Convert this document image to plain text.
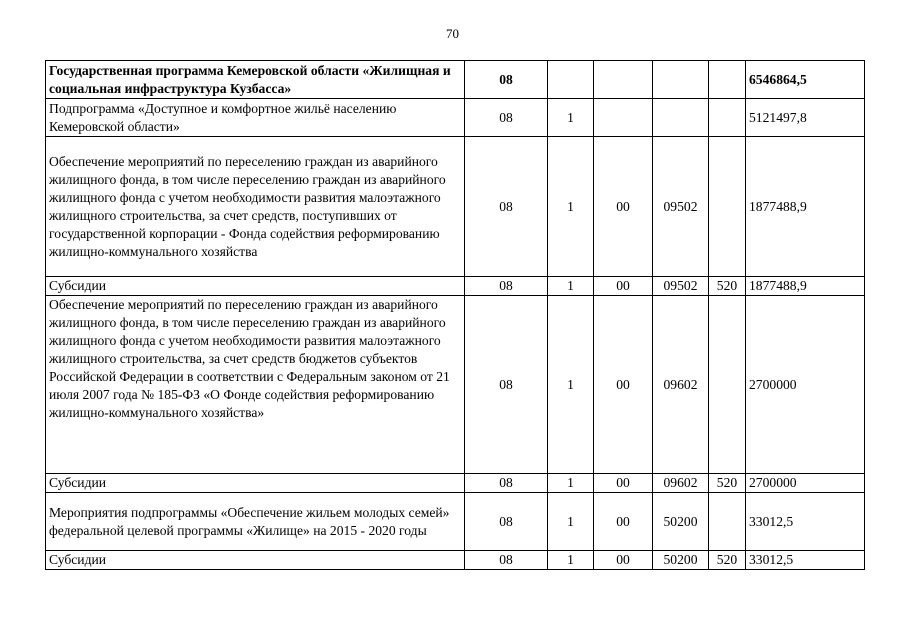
70
Государственная программа Кемеровской области «Жилищная и социальная инфраструктура Кузбасса»	08					6546864,5
Подпрограмма «Доступное и комфортное жильё населению Кемеровской области»	08	1				5121497,8
Обеспечение мероприятий по переселению граждан из аварийного жилищного фонда, в том числе переселению граждан из аварийного жилищного фонда с учетом необходимости развития малоэтажного жилищного строительства, за счет средств, поступивших от государственной корпорации - Фонда содействия реформированию жилищно-коммунального хозяйства	08	1	00	09502		1877488,9
Субсидии	08	1	00	09502	520	1877488,9
Обеспечение мероприятий по переселению граждан из аварийного жилищного фонда, в том числе переселению граждан из аварийного жилищного фонда с учетом необходимости развития малоэтажного жилищного строительства, за счет средств бюджетов субъектов Российской Федерации в соответствии с Федеральным законом от 21 июля 2007 года № 185-ФЗ «О Фонде содействия реформированию жилищно-коммунального хозяйства»	08	1	00	09602		2700000
Субсидии	08	1	00	09602	520	2700000
Мероприятия подпрограммы «Обеспечение жильем молодых семей» федеральной целевой программы «Жилище» на 2015 - 2020 годы	08	1	00	50200		33012,5
Субсидии	08	1	00	50200	520	33012,5
